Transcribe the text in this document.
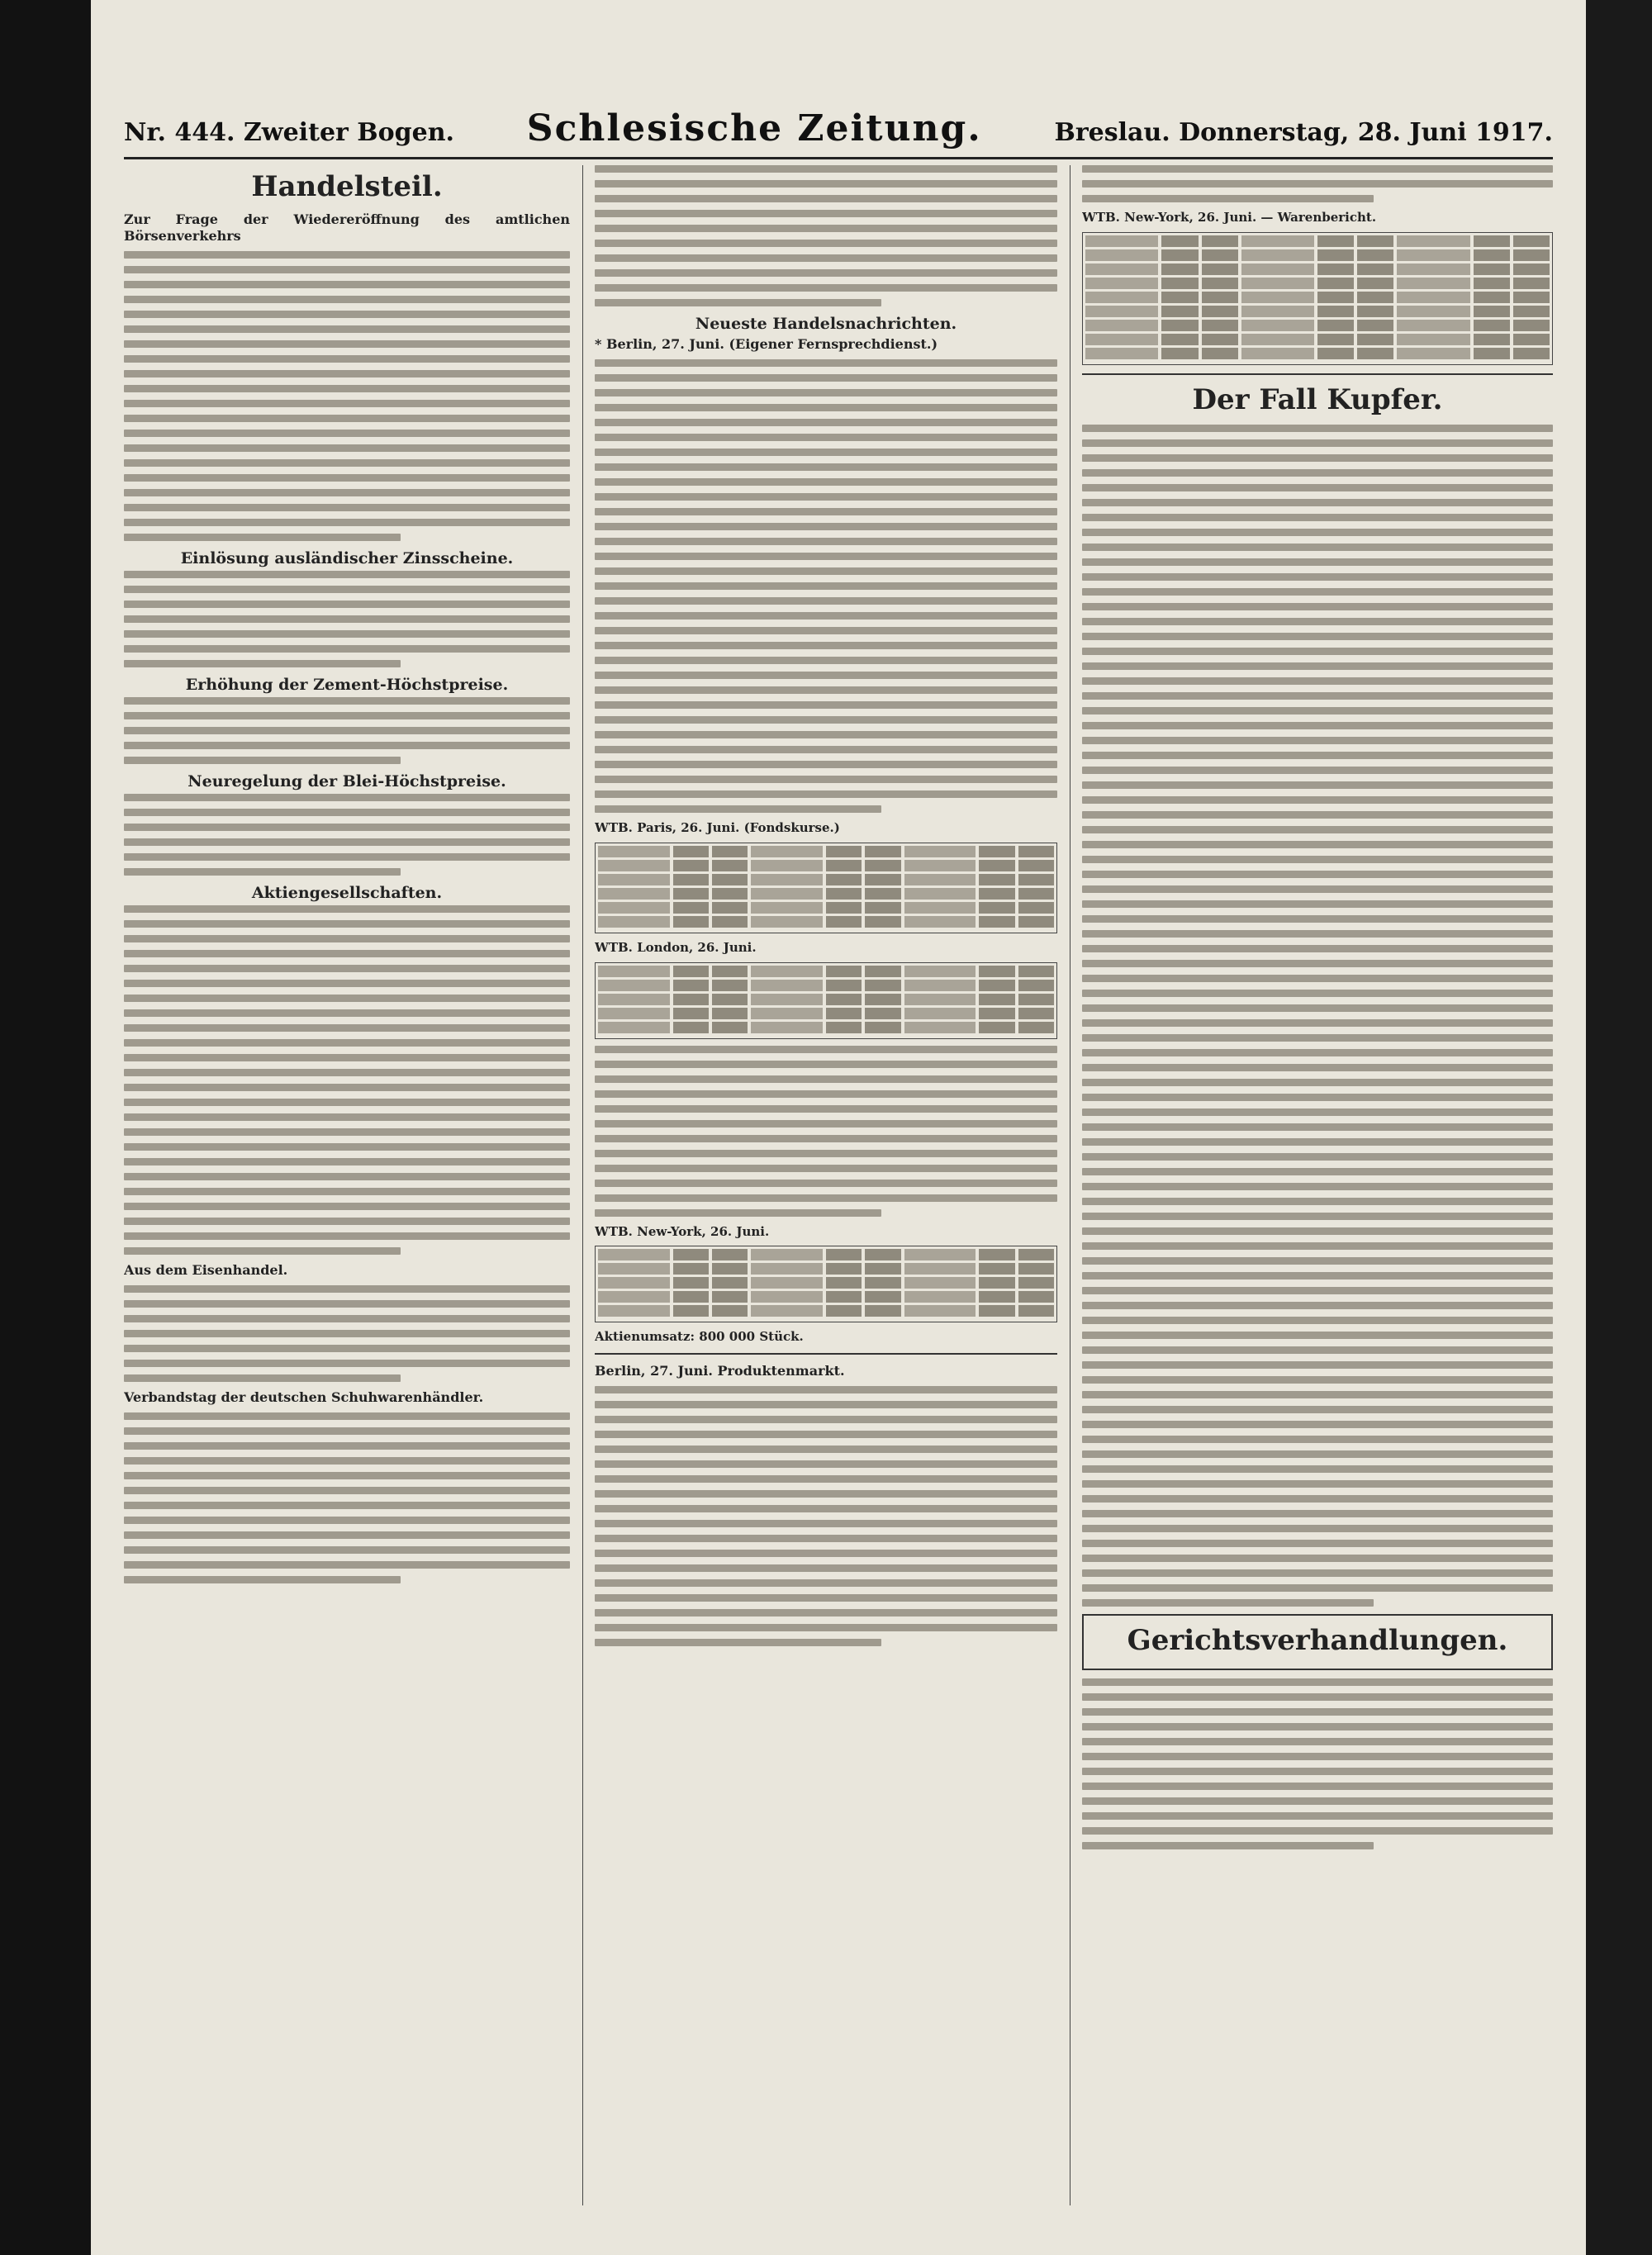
Nr. 444. Zweiter Bogen. Schlesische Zeitung.	Breslau. Donnerstag, 28. Juni 1917.
Handelsteil.

Zur Frage der Wiedereröffnung des amtlichen Börsenverkehrs

Einlösung ausländischer Zinsscheine.
Erhöhung der Zement-Höchstpreise.
Neuregelung der Blei-Höchstpreise.
Aktiengesellschaften.

Aus dem Eisenhandel.

Verbandstag der deutschen Schuhwarenhändler.

Neueste Handelsnachrichten.

* Berlin, 27. Juni. (Eigener Fernsprechdienst.)

WTB. Paris, 26. Juni. (Fondskurse.)

WTB. London, 26. Juni.

WTB. New-York, 26. Juni.

Aktienumsatz: 800 000 Stück.

Berlin, 27. Juni. Produktenmarkt.

WTB. New-York, 26. Juni. — Warenbericht.

Der Fall Kupfer.
Gerichtsverhandlungen.
